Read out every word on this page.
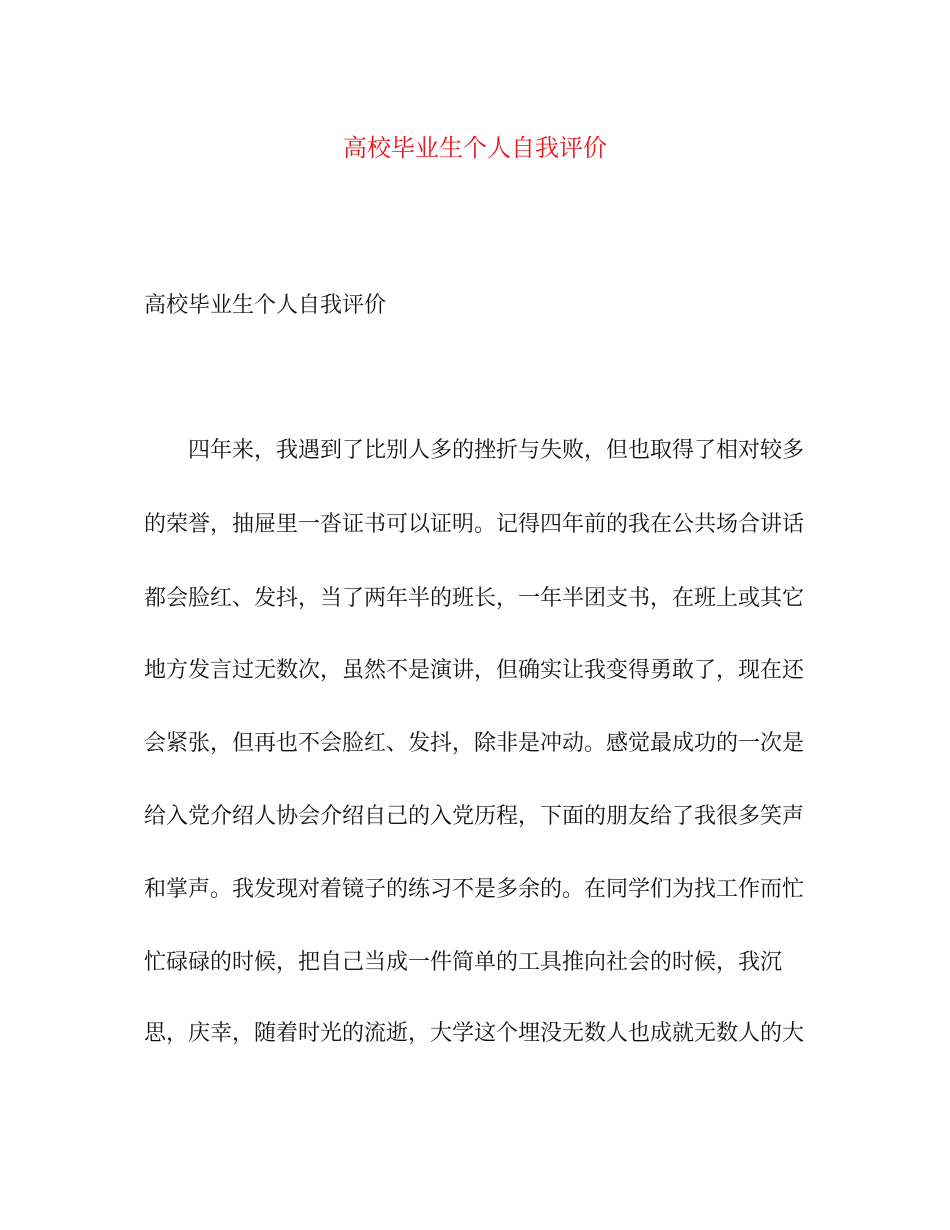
高校毕业生个人自我评价
高校毕业生个人自我评价
四年来，我遇到了比别人多的挫折与失败，但也取得了相对较多
的荣誉，抽屉里一沓证书可以证明。记得四年前的我在公共场合讲话
都会脸红、发抖，当了两年半的班长，一年半团支书，在班上或其它
地方发言过无数次，虽然不是演讲，但确实让我变得勇敢了，现在还
会紧张，但再也不会脸红、发抖，除非是冲动。感觉最成功的一次是
给入党介绍人协会介绍自己的入党历程，下面的朋友给了我很多笑声
和掌声。我发现对着镜子的练习不是多余的。在同学们为找工作而忙
忙碌碌的时候，把自己当成一件简单的工具推向社会的时候，我沉
思，庆幸，随着时光的流逝，大学这个埋没无数人也成就无数人的大
